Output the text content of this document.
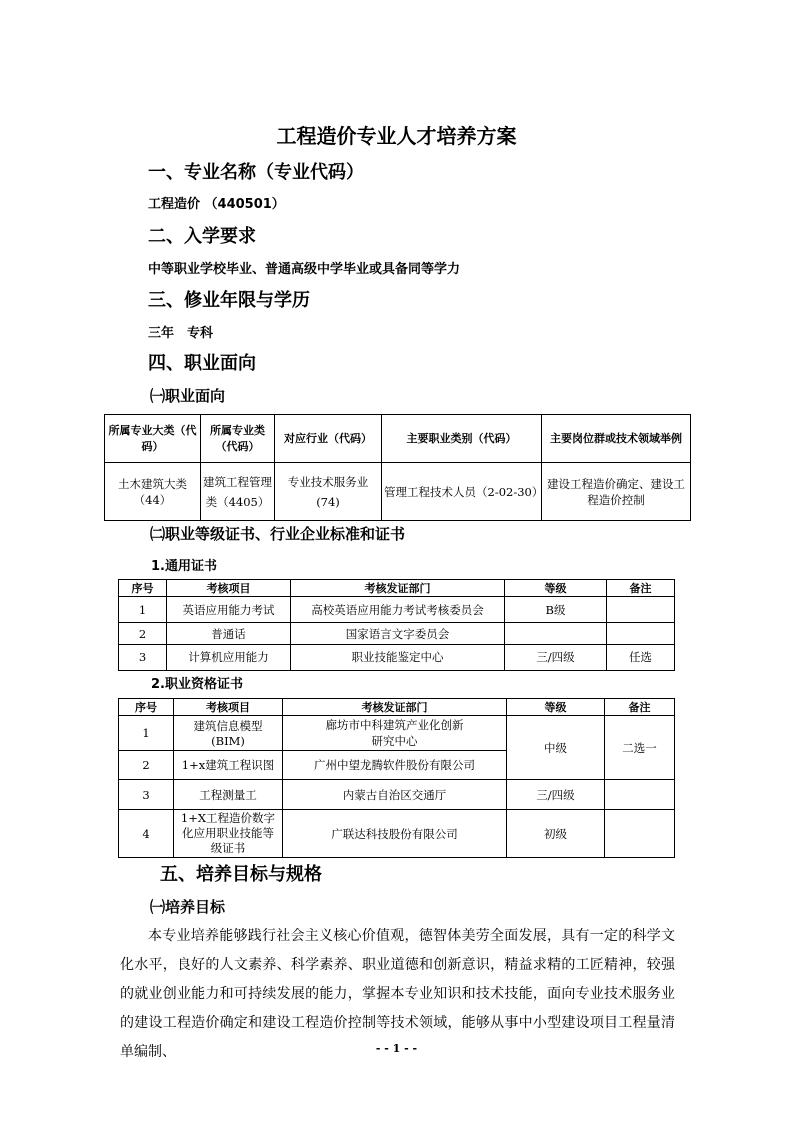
工程造价专业人才培养方案
一、专业名称（专业代码）
工程造价 （440501）
二、入学要求
中等职业学校毕业、普通高级中学毕业或具备同等学力
三、修业年限与学历
三年　专科
四、职业面向
㈠职业面向
所属专业大类（代码）	所属专业类（代码）	对应行业（代码）	主要职业类别（代码）	主要岗位群或技术领域举例
土木建筑大类（44）	建筑工程管理类（4405）	专业技术服务业(74)	管理工程技术人员（2-02-30）	建设工程造价确定、建设工程造价控制
㈡职业等级证书、行业企业标准和证书
1.通用证书
序号	考核项目	考核发证部门	等级	备注
1	英语应用能力考试	高校英语应用能力考试考核委员会	B级	
2	普通话	国家语言文字委员会		
3	计算机应用能力	职业技能鉴定中心	三/四级	任选
2.职业资格证书
序号	考核项目	考核发证部门	等级	备注
1	建筑信息模型(BIM)	廊坊市中科建筑产业化创新研究中心	中级	二选一
2	1+x建筑工程识图	广州中望龙腾软件股份有限公司		
3	工程测量工	内蒙古自治区交通厅	三/四级	
4	1+X工程造价数字化应用职业技能等级证书	广联达科技股份有限公司	初级	
五、培养目标与规格
㈠培养目标

本专业培养能够践行社会主义核心价值观，德智体美劳全面发展，具有一定的科学文化水平，良好的人文素养、科学素养、职业道德和创新意识，精益求精的工匠精神，较强的就业创业能力和可持续发展的能力，掌握本专业知识和技术技能，面向专业技术服务业的建设工程造价确定和建设工程造价控制等技术领域，能够从事中小型建设项目工程量清单编制、	- - 1 - -
